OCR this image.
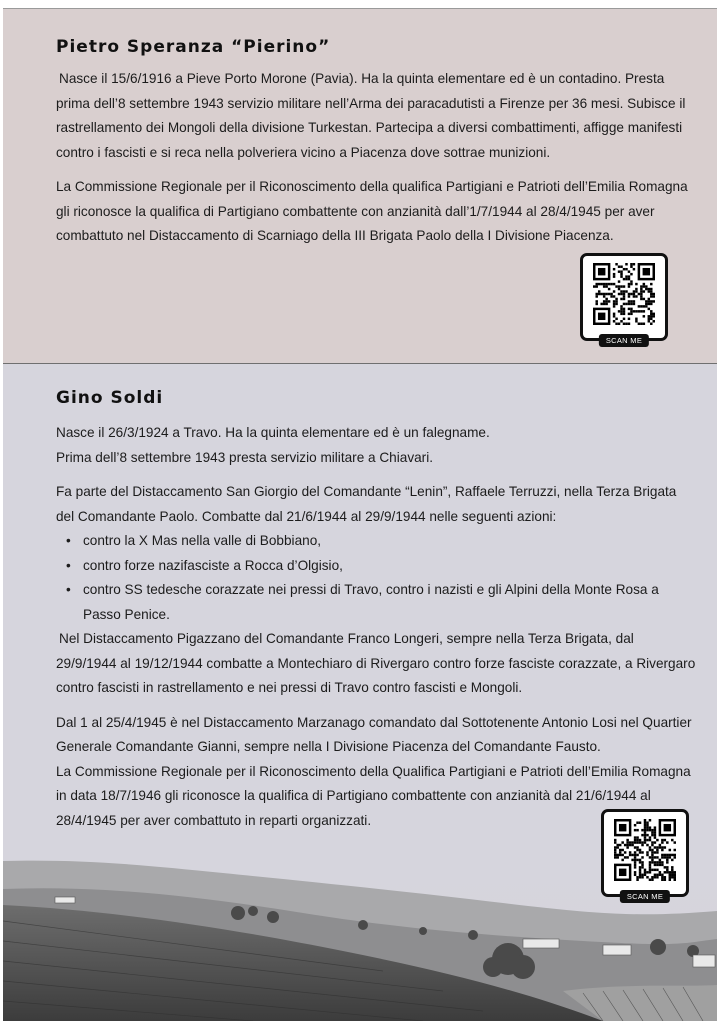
Pietro Speranza “Pierino”

Nasce il 15/6/1916 a Pieve Porto Morone (Pavia). Ha la quinta elementare ed è un contadino. Presta prima dell’8 settembre 1943 servizio militare nell’Arma dei paracadutisti a Firenze per 36 mesi. Subisce il rastrellamento dei Mongoli della divisione Turkestan. Partecipa a diversi combattimenti, affigge manifesti contro i fascisti e si reca nella polveriera vicino a Piacenza dove sottrae munizioni.

La Commissione Regionale per il Riconoscimento della qualifica Partigiani e Patrioti dell’Emilia Romagna gli riconosce la qualifica di Partigiano combattente con anzianità dall’1/7/1944 al 28/4/1945 per aver combattuto nel Distaccamento di Scarniago della III Brigata Paolo della I Divisione Piacenza.

SCAN ME
Gino Soldi

Nasce il 26/3/1924 a Travo. Ha la quinta elementare ed è un falegname.

Prima dell’8 settembre 1943 presta servizio militare a Chiavari.

Fa parte del Distaccamento San Giorgio del Comandante “Lenin”, Raffaele Terruzzi, nella Terza Brigata del Comandante Paolo. Combatte dal 21/6/1944 al 29/9/1944 nelle seguenti azioni:

• contro la X Mas nella valle di Bobbiano,
• contro forze nazifasciste a Rocca d’Olgisio,
• contro SS tedesche corazzate nei pressi di Travo, contro i nazisti e gli Alpini della Monte Rosa a Passo Penice.

Nel Distaccamento Pigazzano del Comandante Franco Longeri, sempre nella Terza Brigata, dal 29/9/1944 al 19/12/1944 combatte a Montechiaro di Rivergaro contro forze fasciste corazzate, a Rivergaro contro fascisti in rastrellamento e nei pressi di Travo contro fascisti e Mongoli.

Dal 1 al 25/4/1945 è nel Distaccamento Marzanago comandato dal Sottotenente Antonio Losi nel Quartier Generale Comandante Gianni, sempre nella I Divisione Piacenza del Comandante Fausto.

La Commissione Regionale per il Riconoscimento della Qualifica Partigiani e Patrioti dell’Emilia Romagna in data 18/7/1946 gli riconosce la qualifica di Partigiano combattente con anzianità dal 21/6/1944 al 28/4/1945 per aver combattuto in reparti organizzati.

SCAN ME
